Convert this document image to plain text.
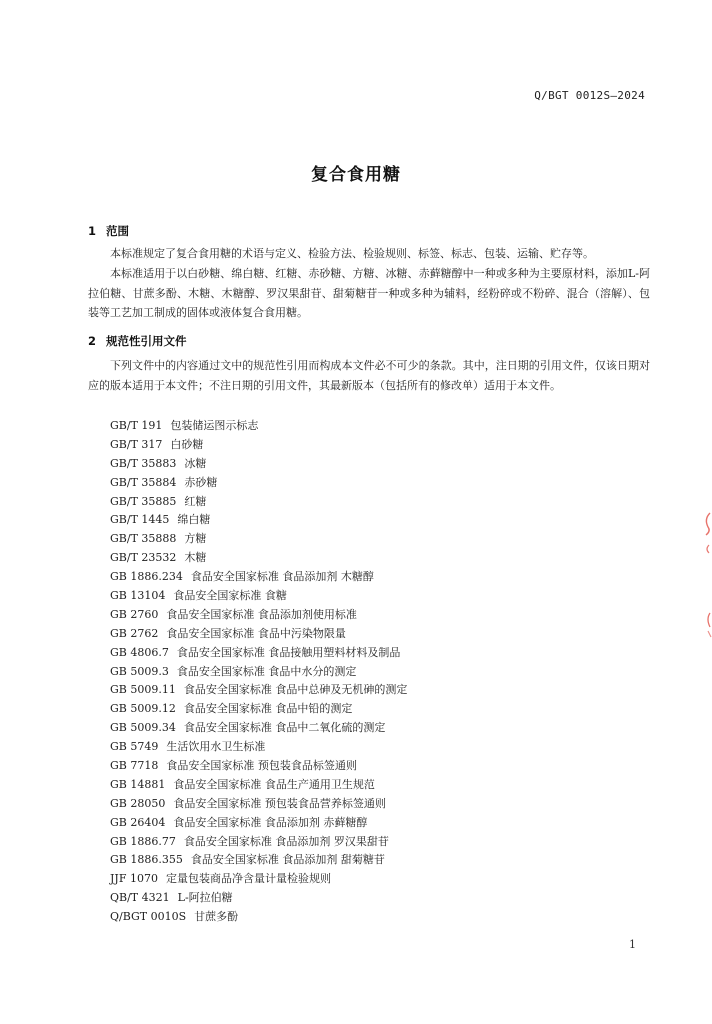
Q/BGT 0012S—2024
复合食用糖
1 范围
本标准规定了复合食用糖的术语与定义、检验方法、检验规则、标签、标志、包装、运输、贮存等。
本标准适用于以白砂糖、绵白糖、红糖、赤砂糖、方糖、冰糖、赤藓糖醇中一种或多种为主要原材料，添加L-阿拉伯糖、甘蔗多酚、木糖、木糖醇、罗汉果甜苷、甜菊糖苷一种或多种为辅料，经粉碎或不粉碎、混合（溶解）、包装等工艺加工制成的固体或液体复合食用糖。
2 规范性引用文件
下列文件中的内容通过文中的规范性引用而构成本文件必不可少的条款。其中，注日期的引用文件，仅该日期对应的版本适用于本文件；不注日期的引用文件，其最新版本（包括所有的修改单）适用于本文件。
GB/T 191 包装储运图示标志
GB/T 317 白砂糖
GB/T 35883 冰糖
GB/T 35884 赤砂糖
GB/T 35885 红糖
GB/T 1445 绵白糖
GB/T 35888 方糖
GB/T 23532 木糖
GB 1886.234 食品安全国家标准 食品添加剂 木糖醇
GB 13104 食品安全国家标准 食糖
GB 2760 食品安全国家标准 食品添加剂使用标准
GB 2762 食品安全国家标准 食品中污染物限量
GB 4806.7 食品安全国家标准 食品接触用塑料材料及制品
GB 5009.3 食品安全国家标准 食品中水分的测定
GB 5009.11 食品安全国家标准 食品中总砷及无机砷的测定
GB 5009.12 食品安全国家标准 食品中铅的测定
GB 5009.34 食品安全国家标准 食品中二氧化硫的测定
GB 5749 生活饮用水卫生标准
GB 7718 食品安全国家标准 预包装食品标签通则
GB 14881 食品安全国家标准 食品生产通用卫生规范
GB 28050 食品安全国家标准 预包装食品营养标签通则
GB 26404 食品安全国家标准 食品添加剂 赤藓糖醇
GB 1886.77 食品安全国家标准 食品添加剂 罗汉果甜苷
GB 1886.355 食品安全国家标准 食品添加剂 甜菊糖苷
JJF 1070 定量包装商品净含量计量检验规则
QB/T 4321 L-阿拉伯糖
Q/BGT 0010S 甘蔗多酚
1
